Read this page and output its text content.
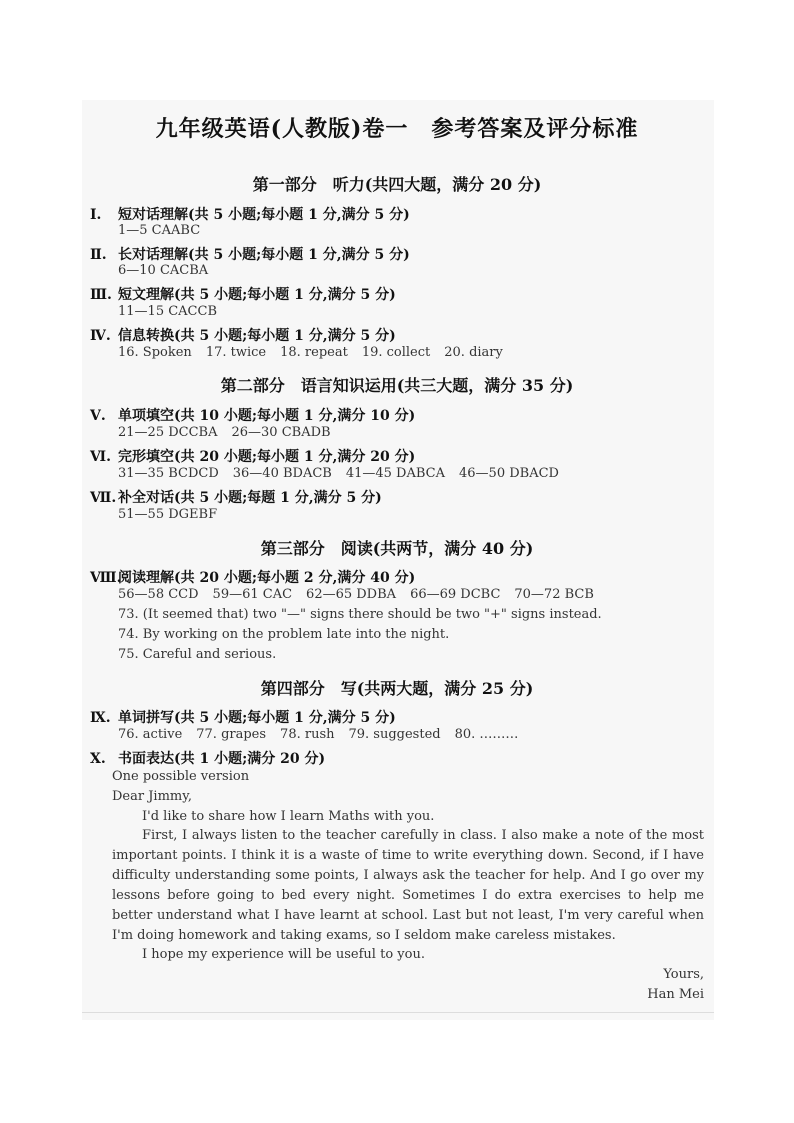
九年级英语(人教版)卷一　参考答案及评分标准
第一部分　听力(共四大题，满分 20 分)
Ⅰ. 短对话理解(共 5 小题;每小题 1 分,满分 5 分)
1—5 CAABC
Ⅱ. 长对话理解(共 5 小题;每小题 1 分,满分 5 分)
6—10 CACBA
Ⅲ. 短文理解(共 5 小题;每小题 1 分,满分 5 分)
11—15 CACCB
Ⅳ. 信息转换(共 5 小题;每小题 1 分,满分 5 分)
16. Spoken 17. twice 18. repeat 19. collect 20. diary
第二部分　语言知识运用(共三大题，满分 35 分)
Ⅴ. 单项填空(共 10 小题;每小题 1 分,满分 10 分)
21—25 DCCBA 26—30 CBADB
Ⅵ. 完形填空(共 20 小题;每小题 1 分,满分 20 分)
31—35 BCDCD 36—40 BDACB 41—45 DABCA 46—50 DBACD
Ⅶ. 补全对话(共 5 小题;每题 1 分,满分 5 分)
51—55 DGEBF
第三部分　阅读(共两节，满分 40 分)
Ⅷ.阅读理解(共 20 小题;每小题 2 分,满分 40 分)
56—58 CCD 59—61 CAC 62—65 DDBA 66—69 DCBC 70—72 BCB
73. (It seemed that) two "—" signs there should be two "+" signs instead.
74. By working on the problem late into the night.
75. Careful and serious.
第四部分　写(共两大题，满分 25 分)
Ⅸ. 单词拼写(共 5 小题;每小题 1 分,满分 5 分)
76. active 77. grapes 78. rush 79. suggested 80. ………
Ⅹ. 书面表达(共 1 小题;满分 20 分)
One possible version
Dear Jimmy,
I'd like to share how I learn Maths with you.
First, I always listen to the teacher carefully in class. I also make a note of the most important points. I think it is a waste of time to write everything down. Second, if I have difficulty understanding some points, I always ask the teacher for help. And I go over my lessons before going to bed every night. Sometimes I do extra exercises to help me better understand what I have learnt at school. Last but not least, I'm very careful when I'm doing homework and taking exams, so I seldom make careless mistakes.
I hope my experience will be useful to you.
Yours,
Han Mei
